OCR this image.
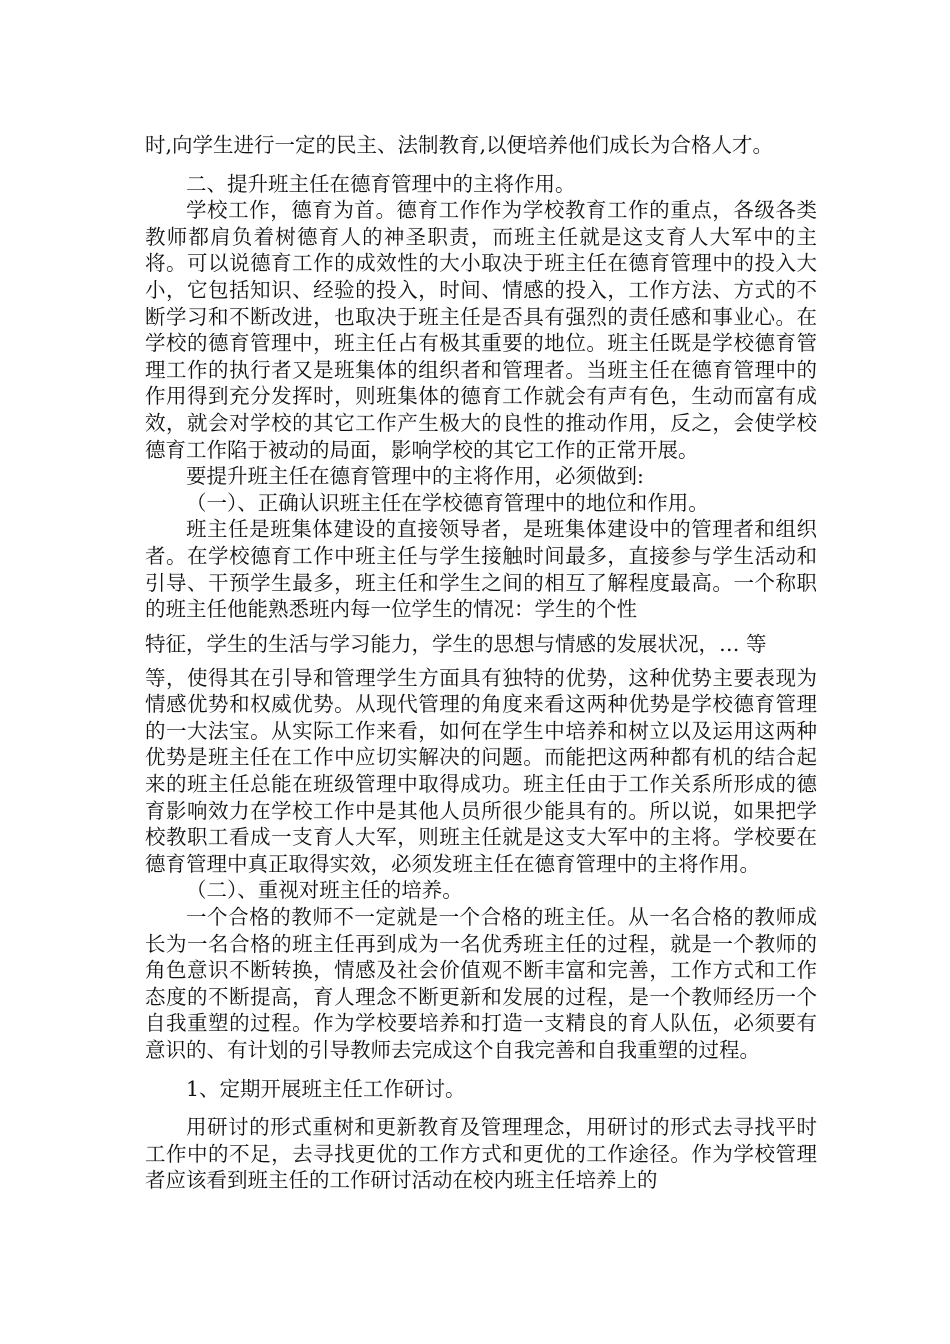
时,向学生进行一定的民主、法制教育,以便培养他们成长为合格人才。

二、提升班主任在德育管理中的主将作用。

学校工作，德育为首。德育工作作为学校教育工作的重点，各级各类教师都肩负着树德育人的神圣职责，而班主任就是这支育人大军中的主将。可以说德育工作的成效性的大小取决于班主任在德育管理中的投入大小，它包括知识、经验的投入，时间、情感的投入，工作方法、方式的不断学习和不断改进，也取决于班主任是否具有强烈的责任感和事业心。在学校的德育管理中，班主任占有极其重要的地位。班主任既是学校德育管理工作的执行者又是班集体的组织者和管理者。当班主任在德育管理中的作用得到充分发挥时，则班集体的德育工作就会有声有色，生动而富有成效，就会对学校的其它工作产生极大的良性的推动作用，反之，会使学校德育工作陷于被动的局面，影响学校的其它工作的正常开展。

要提升班主任在德育管理中的主将作用，必须做到:

（一）、正确认识班主任在学校德育管理中的地位和作用。

班主任是班集体建设的直接领导者，是班集体建设中的管理者和组织者。在学校德育工作中班主任与学生接触时间最多，直接参与学生活动和引导、干预学生最多，班主任和学生之间的相互了解程度最高。一个称职的班主任他能熟悉班内每一位学生的情况：学生的个性

特征，学生的生活与学习能力，学生的思想与情感的发展状况，… 等

等，使得其在引导和管理学生方面具有独特的优势，这种优势主要表现为情感优势和权威优势。从现代管理的角度来看这两种优势是学校德育管理的一大法宝。从实际工作来看，如何在学生中培养和树立以及运用这两种优势是班主任在工作中应切实解决的问题。而能把这两种都有机的结合起来的班主任总能在班级管理中取得成功。班主任由于工作关系所形成的德育影响效力在学校工作中是其他人员所很少能具有的。所以说，如果把学校教职工看成一支育人大军，则班主任就是这支大军中的主将。学校要在德育管理中真正取得实效，必须发班主任在德育管理中的主将作用。

（二）、重视对班主任的培养。

一个合格的教师不一定就是一个合格的班主任。从一名合格的教师成长为一名合格的班主任再到成为一名优秀班主任的过程，就是一个教师的角色意识不断转换，情感及社会价值观不断丰富和完善，工作方式和工作态度的不断提高，育人理念不断更新和发展的过程，是一个教师经历一个自我重塑的过程。作为学校要培养和打造一支精良的育人队伍，必须要有意识的、有计划的引导教师去完成这个自我完善和自我重塑的过程。

1、定期开展班主任工作研讨。

用研讨的形式重树和更新教育及管理理念，用研讨的形式去寻找平时工作中的不足，去寻找更优的工作方式和更优的工作途径。作为学校管理者应该看到班主任的工作研讨活动在校内班主任培养上的
